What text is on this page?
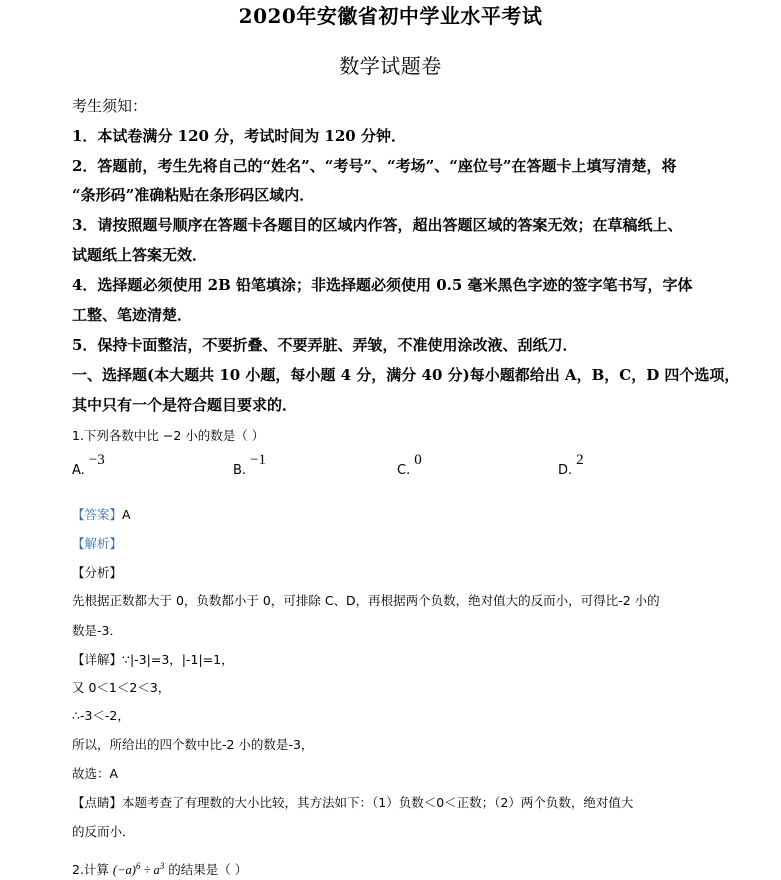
2020年安徽省初中学业水平考试
数学试题卷
考生须知：
1．本试卷满分 120 分，考试时间为 120 分钟．
2．答题前，考生先将自己的“姓名”、“考号”、“考场”、“座位号”在答题卡上填写清楚，将
“条形码”准确粘贴在条形码区域内．
3．请按照题号顺序在答题卡各题目的区域内作答，超出答题区域的答案无效；在草稿纸上、
试题纸上答案无效．
4．选择题必须使用 2B 铅笔填涂；非选择题必须使用 0.5 毫米黑色字迹的签字笔书写，字体
工整、笔迹清楚．
5．保持卡面整洁，不要折叠、不要弄脏、弄皱，不准使用涂改液、刮纸刀．
一、选择题(本大题共 10 小题，每小题 4 分，满分 40 分)每小题都给出 A，B，C，D 四个选项，
其中只有一个是符合题目要求的．
1.下列各数中比 −2 小的数是（ ）
A.−3
B.−1
C.0
D.2
【答案】A
【解析】
【分析】
先根据正数都大于 0，负数都小于 0，可排除 C、D，再根据两个负数，绝对值大的反而小，可得比-2 小的
数是-3．
【详解】∵|-3|=3，|-1|=1，
又 0＜1＜2＜3，
∴-3＜-2，
所以，所给出的四个数中比-2 小的数是-3，
故选：A
【点睛】本题考查了有理数的大小比较，其方法如下：（1）负数＜0＜正数；（2）两个负数，绝对值大
的反而小．
2.计算 $(-a)^6 \div a^3$ 的结果是（ ）
